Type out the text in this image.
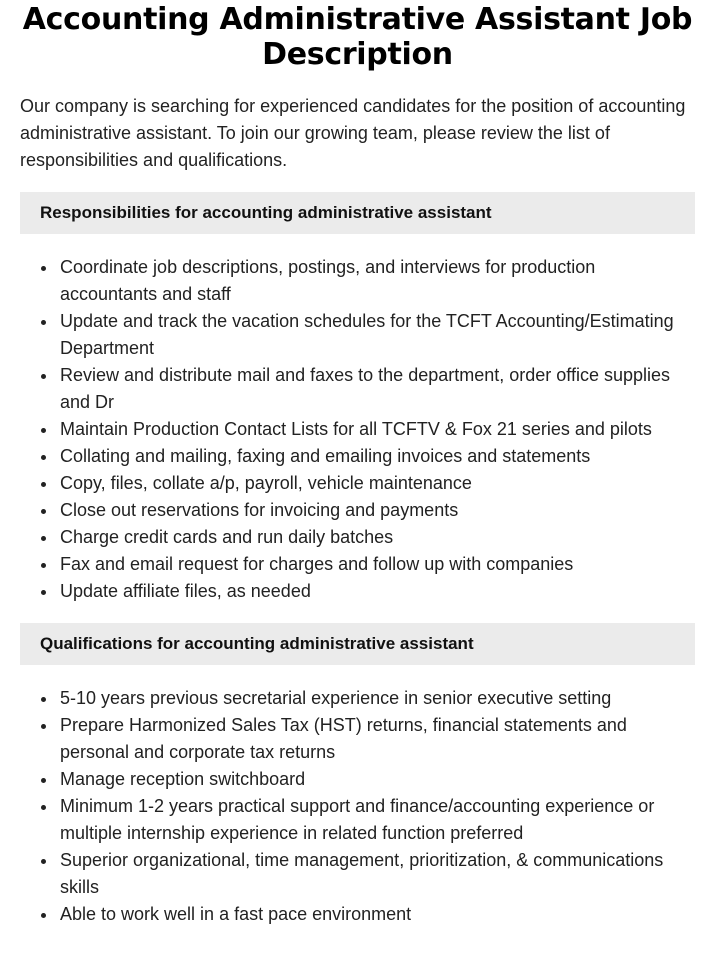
Accounting Administrative Assistant Job Description

Our company is searching for experienced candidates for the position of accounting administrative assistant. To join our growing team, please review the list of responsibilities and qualifications.

Responsibilities for accounting administrative assistant
Coordinate job descriptions, postings, and interviews for production accountants and staff
Update and track the vacation schedules for the TCFT Accounting/Estimating Department
Review and distribute mail and faxes to the department, order office supplies and Dr
Maintain Production Contact Lists for all TCFTV & Fox 21 series and pilots
Collating and mailing, faxing and emailing invoices and statements
Copy, files, collate a/p, payroll, vehicle maintenance
Close out reservations for invoicing and payments
Charge credit cards and run daily batches
Fax and email request for charges and follow up with companies
Update affiliate files, as needed
Qualifications for accounting administrative assistant
5-10 years previous secretarial experience in senior executive setting
Prepare Harmonized Sales Tax (HST) returns, financial statements and personal and corporate tax returns
Manage reception switchboard
Minimum 1-2 years practical support and finance/accounting experience or multiple internship experience in related function preferred
Superior organizational, time management, prioritization, & communications skills
Able to work well in a fast pace environment
